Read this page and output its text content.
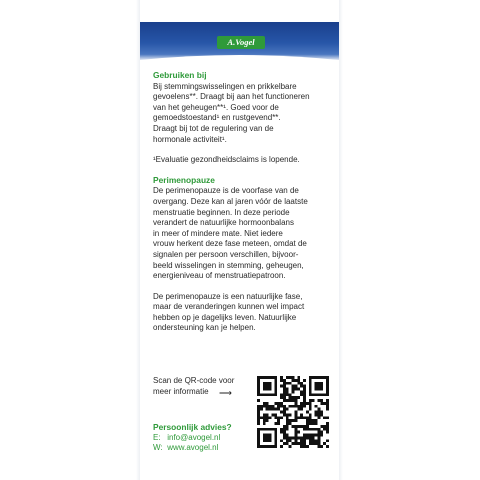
A.Vogel
Gebruiken bij

Bij stemmingswisselingen en prikkelbare
gevoelens**. Draagt bij aan het functioneren
van het geheugen**¹. Goed voor de
gemoedstoestand¹ en rustgevend**.
Draagt bij tot de regulering van de
hormonale activiteit¹.

¹Evaluatie gezondheidsclaims is lopende.

Perimenopauze

De perimenopauze is de voorfase van de
overgang. Deze kan al jaren vóór de laatste
menstruatie beginnen. In deze periode
verandert de natuurlijke hormoonbalans
in meer of mindere mate. Niet iedere
vrouw herkent deze fase meteen, omdat de
signalen per persoon verschillen, bijvoor-
beeld wisselingen in stemming, geheugen,
energieniveau of menstruatiepatroon.

De perimenopauze is een natuurlijke fase,
maar de veranderingen kunnen wel impact
hebben op je dagelijks leven. Natuurlijke
ondersteuning kan je helpen.

Scan de QR-code voor
meer informatie	⟶
Persoonlijk advies?
E: info@avogel.nl
W: www.avogel.nl
